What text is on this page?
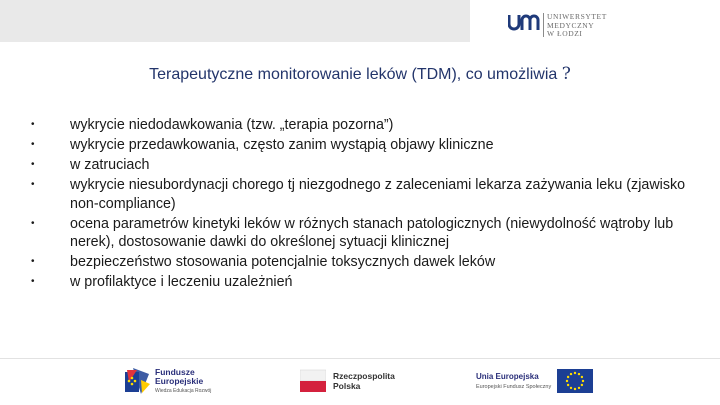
UNIWERSYTET
MEDYCZNY
W ŁODZI
Terapeutyczne monitorowanie leków (TDM), co umożliwia ?
• wykrycie niedodawkowania (tzw. „terapia pozorna”)
• wykrycie przedawkowania, często zanim wystąpią objawy kliniczne
• w zatruciach
• wykrycie niesubordynacji chorego tj niezgodnego z zaleceniami lekarza zażywania leku (zjawisko non-compliance)
• ocena parametrów kinetyki leków w różnych stanach patologicznych (niewydolność wątroby lub nerek), dostosowanie dawki do określonej sytuacji klinicznej
• bezpieczeństwo stosowania potencjalnie toksycznych dawek leków
• w profilaktyce i leczeniu uzależnień
Fundusze
Europejskie
Wiedza Edukacja Rozwój
Rzeczpospolita
Polska
Unia Europejska
Europejski Fundusz Społeczny
